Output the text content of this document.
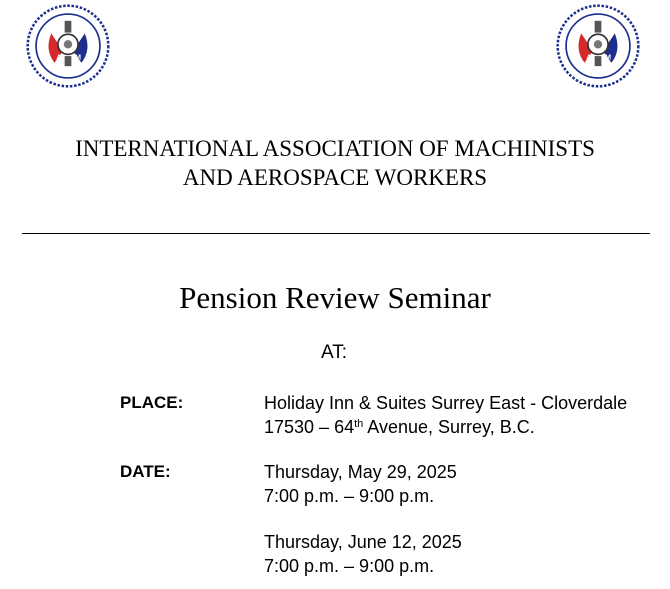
A M	A M
INTERNATIONAL ASSOCIATION OF MACHINISTS
AND AEROSPACE WORKERS
Pension Review Seminar
AT:
PLACE:	Holiday Inn & Suites Surrey East - Cloverdale
17530 – 64th Avenue, Surrey, B.C.
DATE:	Thursday, May 29, 2025
7:00 p.m. – 9:00 p.m.
Thursday, June 12, 2025
7:00 p.m. – 9:00 p.m.
